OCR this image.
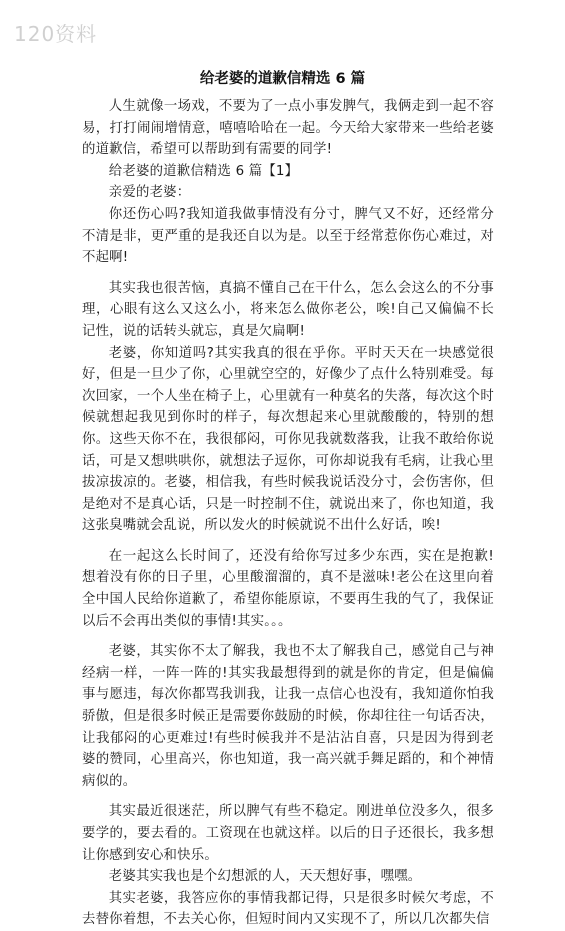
120资料
给老婆的道歉信精选 6 篇

人生就像一场戏，不要为了一点小事发脾气，我俩走到一起不容易，打打闹闹增情意，嘻嘻哈哈在一起。今天给大家带来一些给老婆的道歉信，希望可以帮助到有需要的同学!

给老婆的道歉信精选 6 篇【1】

亲爱的老婆：

你还伤心吗?我知道我做事情没有分寸，脾气又不好，还经常分不清是非，更严重的是我还自以为是。以至于经常惹你伤心难过，对不起啊!

其实我也很苦恼，真搞不懂自己在干什么，怎么会这么的不分事理，心眼有这么又这么小，将来怎么做你老公，唉!自己又偏偏不长记性，说的话转头就忘，真是欠扁啊!

老婆，你知道吗?其实我真的很在乎你。平时天天在一块感觉很好，但是一旦少了你，心里就空空的，好像少了点什么特别难受。每次回家，一个人坐在椅子上，心里就有一种莫名的失落，每次这个时候就想起我见到你时的样子，每次想起来心里就酸酸的，特别的想你。这些天你不在，我很郁闷，可你见我就数落我，让我不敢给你说话，可是又想哄哄你，就想法子逗你，可你却说我有毛病，让我心里拔凉拔凉的。老婆，相信我，有些时候我说话没分寸，会伤害你，但是绝对不是真心话，只是一时控制不住，就说出来了，你也知道，我这张臭嘴就会乱说，所以发火的时候就说不出什么好话，唉!

在一起这么长时间了，还没有给你写过多少东西，实在是抱歉!想着没有你的日子里，心里酸溜溜的，真不是滋味!老公在这里向着全中国人民给你道歉了，希望你能原谅，不要再生我的气了，我保证以后不会再出类似的事情!其实。。。

老婆，其实你不太了解我，我也不太了解我自己，感觉自己与神经病一样，一阵一阵的!其实我最想得到的就是你的肯定，但是偏偏事与愿违，每次你都骂我训我，让我一点信心也没有，我知道你怕我骄傲，但是很多时候正是需要你鼓励的时候，你却往往一句话否决，让我郁闷的心更难过!有些时候我并不是沾沾自喜，只是因为得到老婆的赞同，心里高兴，你也知道，我一高兴就手舞足蹈的，和个神情病似的。

其实最近很迷茫，所以脾气有些不稳定。刚进单位没多久，很多要学的，要去看的。工资现在也就这样。以后的日子还很长，我多想让你感到安心和快乐。

老婆其实我也是个幻想派的人，天天想好事，嘿嘿。

其实老婆，我答应你的事情我都记得，只是很多时候欠考虑，不去替你着想，不去关心你，但短时间内又实现不了，所以几次都失信
